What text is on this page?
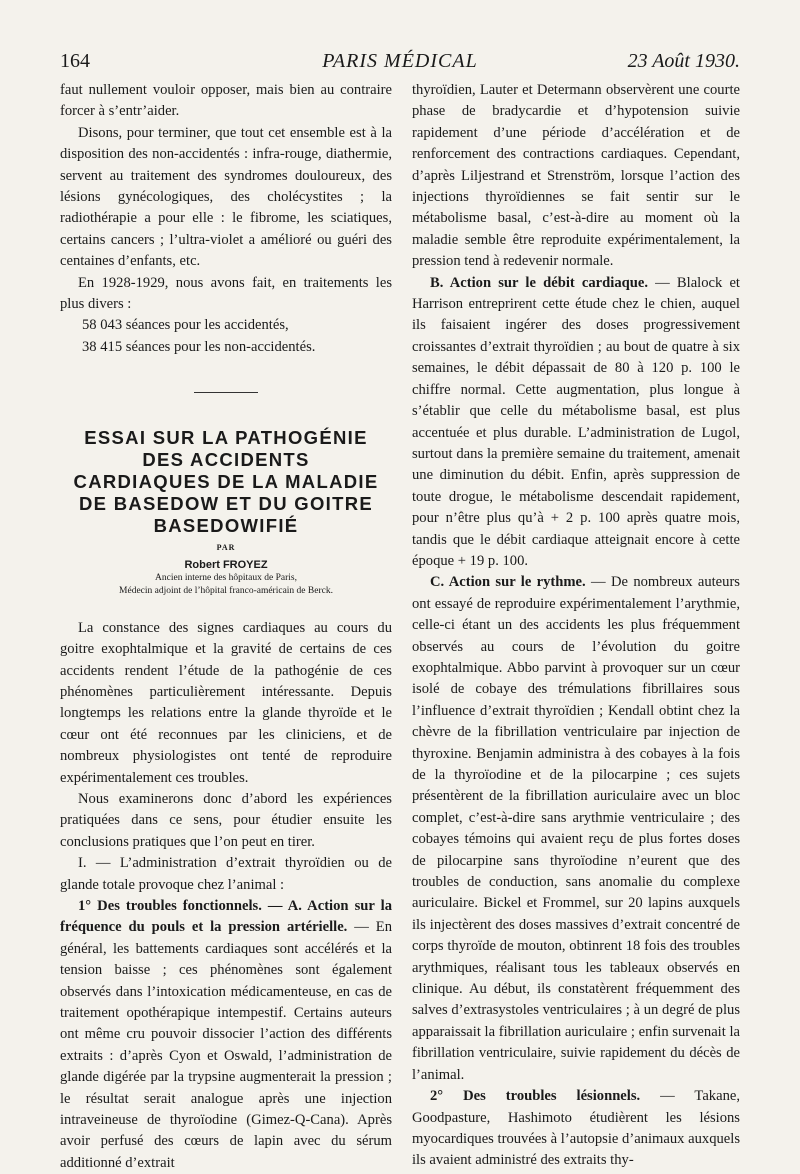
164	PARIS MÉDICAL	23 Août 1930.

faut nullement vouloir opposer, mais bien au contraire forcer à s’entr’aider.

Disons, pour terminer, que tout cet ensemble est à la disposition des non-accidentés : infra-rouge, diathermie, servent au traitement des syndromes douloureux, des lésions gynécologiques, des cholécystites ; la radiothérapie a pour elle : le fibrome, les sciatiques, certains cancers ; l’ultra-violet a amélioré ou guéri des centaines d’enfants, etc.

En 1928-1929, nous avons fait, en traitements les plus divers :

58 043 séances pour les accidentés,

38 415 séances pour les non-accidentés.

ESSAI SUR LA PATHOGÉNIE

DES ACCIDENTS

CARDIAQUES DE LA MALADIE

DE BASEDOW ET DU GOITRE

BASEDOWIFIÉ

PAR

Robert FROYEZ

Ancien interne des hôpitaux de Paris,

Médecin adjoint de l’hôpital franco-américain de Berck.

La constance des signes cardiaques au cours du goitre exophtalmique et la gravité de certains de ces accidents rendent l’étude de la pathogénie de ces phénomènes particulièrement intéressante. Depuis longtemps les relations entre la glande thyroïde et le cœur ont été reconnues par les cliniciens, et de nombreux physiologistes ont tenté de reproduire expérimentalement ces troubles.

Nous examinerons donc d’abord les expériences pratiquées dans ce sens, pour étudier ensuite les conclusions pratiques que l’on peut en tirer.

I. — L’administration d’extrait thyroïdien ou de glande totale provoque chez l’animal :

1° Des troubles fonctionnels. — A. Action sur la fréquence du pouls et la pression artérielle. — En général, les battements cardiaques sont accélérés et la tension baisse ; ces phénomènes sont également observés dans l’intoxication médicamenteuse, en cas de traitement opothérapique intempestif. Certains auteurs ont même cru pouvoir dissocier l’action des différents extraits : d’après Cyon et Oswald, l’administration de glande digérée par la trypsine augmenterait la pression ; le résultat serait analogue après une injection intraveineuse de thyroïodine (Gimez-Q-Cana). Après avoir perfusé des cœurs de lapin avec du sérum additionné d’extrait

thyroïdien, Lauter et Determann observèrent une courte phase de bradycardie et d’hypotension suivie rapidement d’une période d’accélération et de renforcement des contractions cardiaques. Cependant, d’après Liljestrand et Strenström, lorsque l’action des injections thyroïdiennes se fait sentir sur le métabolisme basal, c’est-à-dire au moment où la maladie semble être reproduite expérimentalement, la pression tend à redevenir normale.

B. Action sur le débit cardiaque. — Blalock et Harrison entreprirent cette étude chez le chien, auquel ils faisaient ingérer des doses progressivement croissantes d’extrait thyroïdien ; au bout de quatre à six semaines, le débit dépassait de 80 à 120 p. 100 le chiffre normal. Cette augmentation, plus longue à s’établir que celle du métabolisme basal, est plus accentuée et plus durable. L’administration de Lugol, surtout dans la première semaine du traitement, amenait une diminution du débit. Enfin, après suppression de toute drogue, le métabolisme descendait rapidement, pour n’être plus qu’à + 2 p. 100 après quatre mois, tandis que le débit cardiaque atteignait encore à cette époque + 19 p. 100.

C. Action sur le rythme. — De nombreux auteurs ont essayé de reproduire expérimentalement l’arythmie, celle-ci étant un des accidents les plus fréquemment observés au cours de l’évolution du goitre exophtalmique. Abbo parvint à provoquer sur un cœur isolé de cobaye des trémulations fibrillaires sous l’influence d’extrait thyroïdien ; Kendall obtint chez la chèvre de la fibrillation ventriculaire par injection de thyroxine. Benjamin administra à des cobayes à la fois de la thyroïodine et de la pilocarpine ; ces sujets présentèrent de la fibrillation auriculaire avec un bloc complet, c’est-à-dire sans arythmie ventriculaire ; des cobayes témoins qui avaient reçu de plus fortes doses de pilocarpine sans thyroïodine n’eurent que des troubles de conduction, sans anomalie du complexe auriculaire. Bickel et Frommel, sur 20 lapins auxquels ils injectèrent des doses massives d’extrait concentré de corps thyroïde de mouton, obtinrent 18 fois des troubles arythmiques, réalisant tous les tableaux observés en clinique. Au début, ils constatèrent fréquemment des salves d’extrasystoles ventriculaires ; à un degré de plus apparaissait la fibrillation auriculaire ; enfin survenait la fibrillation ventriculaire, suivie rapidement du décès de l’animal.

2° Des troubles lésionnels. — Takane, Goodpasture, Hashimoto étudièrent les lésions myocardiques trouvées à l’autopsie d’animaux auxquels ils avaient administré des extraits thy-
